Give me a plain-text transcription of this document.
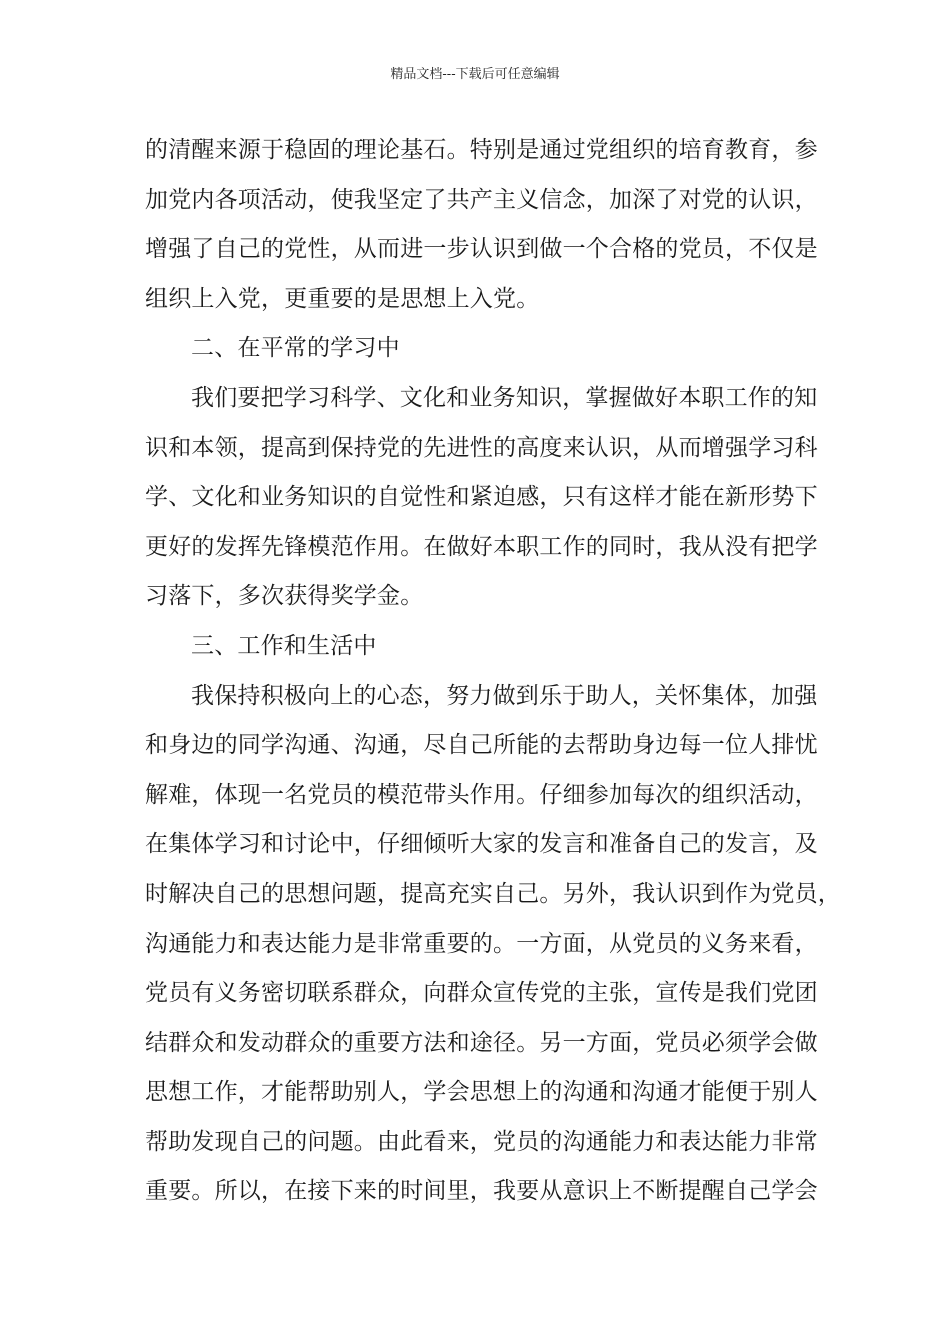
精品文档---下载后可任意编辑
的清醒来源于稳固的理论基石。特别是通过党组织的培育教育，参
加党内各项活动，使我坚定了共产主义信念，加深了对党的认识，
增强了自己的党性，从而进一步认识到做一个合格的党员，不仅是
组织上入党，更重要的是思想上入党。
二、在平常的学习中
我们要把学习科学、文化和业务知识，掌握做好本职工作的知
识和本领，提高到保持党的先进性的高度来认识，从而增强学习科
学、文化和业务知识的自觉性和紧迫感，只有这样才能在新形势下
更好的发挥先锋模范作用。在做好本职工作的同时，我从没有把学
习落下，多次获得奖学金。
三、工作和生活中
我保持积极向上的心态，努力做到乐于助人，关怀集体，加强
和身边的同学沟通、沟通，尽自己所能的去帮助身边每一位人排忧
解难，体现一名党员的模范带头作用。仔细参加每次的组织活动，
在集体学习和讨论中，仔细倾听大家的发言和准备自己的发言，及
时解决自己的思想问题，提高充实自己。另外，我认识到作为党员，
沟通能力和表达能力是非常重要的。一方面，从党员的义务来看，
党员有义务密切联系群众，向群众宣传党的主张，宣传是我们党团
结群众和发动群众的重要方法和途径。另一方面，党员必须学会做
思想工作，才能帮助别人，学会思想上的沟通和沟通才能便于别人
帮助发现自己的问题。由此看来，党员的沟通能力和表达能力非常
重要。所以，在接下来的时间里，我要从意识上不断提醒自己学会
